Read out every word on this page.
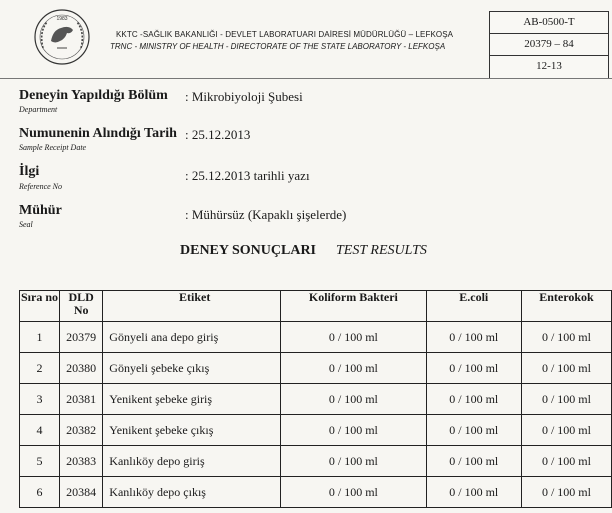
1983
KKTC -SAĞLIK BAKANLIĞI - DEVLET LABORATUARI DAİRESİ MÜDÜRLÜĞÜ – LEFKOŞA
TRNC - MINISTRY OF HEALTH - DIRECTORATE OF THE STATE LABORATORY - LEFKOŞA
AB-0500-T
20379 – 84
12-13
Deneyin Yapıldığı Bölüm
Department
: Mikrobiyoloji Şubesi
Numunenin Alındığı Tarih
Sample Receipt Date
: 25.12.2013
İlgi
Reference No
: 25.12.2013 tarihli yazı
Mühür
Seal
: Mühürsüz (Kapaklı şişelerde)
DENEY SONUÇLARI TEST RESULTS
Sıra no	DLD No	Etiket	Koliform Bakteri	E.coli	Enterokok
1	20379	Gönyeli ana depo giriş	0 / 100 ml	0 / 100 ml	0 / 100 ml
2	20380	Gönyeli şebeke çıkış	0 / 100 ml	0 / 100 ml	0 / 100 ml
3	20381	Yenikent şebeke giriş	0 / 100 ml	0 / 100 ml	0 / 100 ml
4	20382	Yenikent şebeke çıkış	0 / 100 ml	0 / 100 ml	0 / 100 ml
5	20383	Kanlıköy depo giriş	0 / 100 ml	0 / 100 ml	0 / 100 ml
6	20384	Kanlıköy depo çıkış	0 / 100 ml	0 / 100 ml	0 / 100 ml
